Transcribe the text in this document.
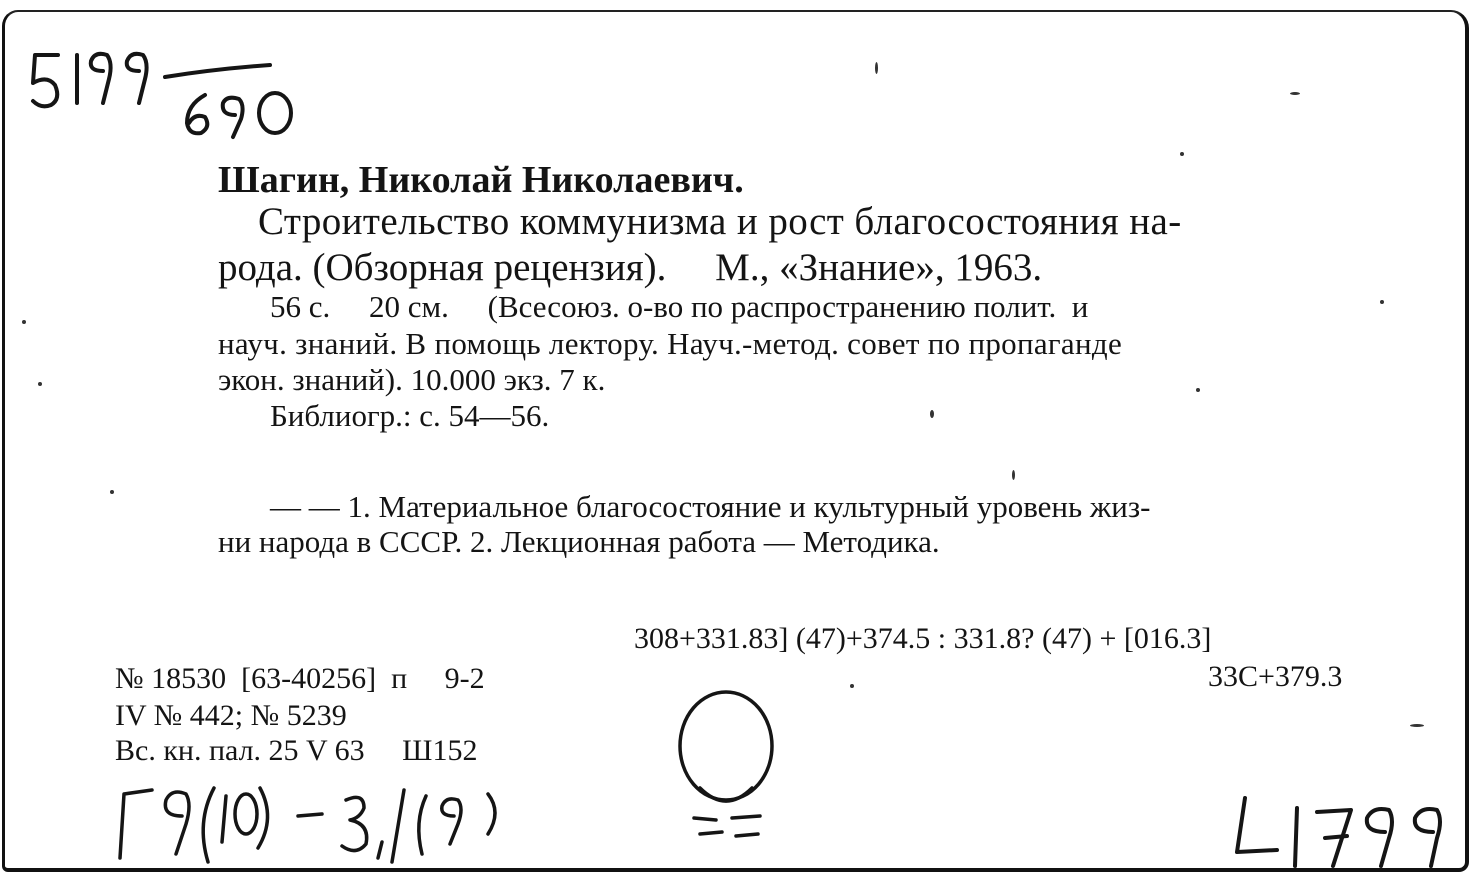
Шагин, Николай Николаевич.

Строительство коммунизма и рост благосостояния на-

рода. (Обзорная рецензия).     М., «Знание», 1963.

56 с.     20 см.     (Всесоюз. о-во по распространению полит.  и

науч. знаний. В помощь лектору. Науч.-метод. совет по пропаганде

экон. знаний). 10.000 экз. 7 к.

Библиогр.: с. 54—56.

— — 1. Материальное благосостояние и культурный уровень жиз-

ни народа в СССР. 2. Лекционная работа — Методика.

308+331.83] (47)+374.5 : 331.8? (47) + [016.3]

33С+379.3

№ 18530  [63-40256]  п     9-2

IV № 442; № 5239

Вс. кн. пал. 25 V 63     Ш152
